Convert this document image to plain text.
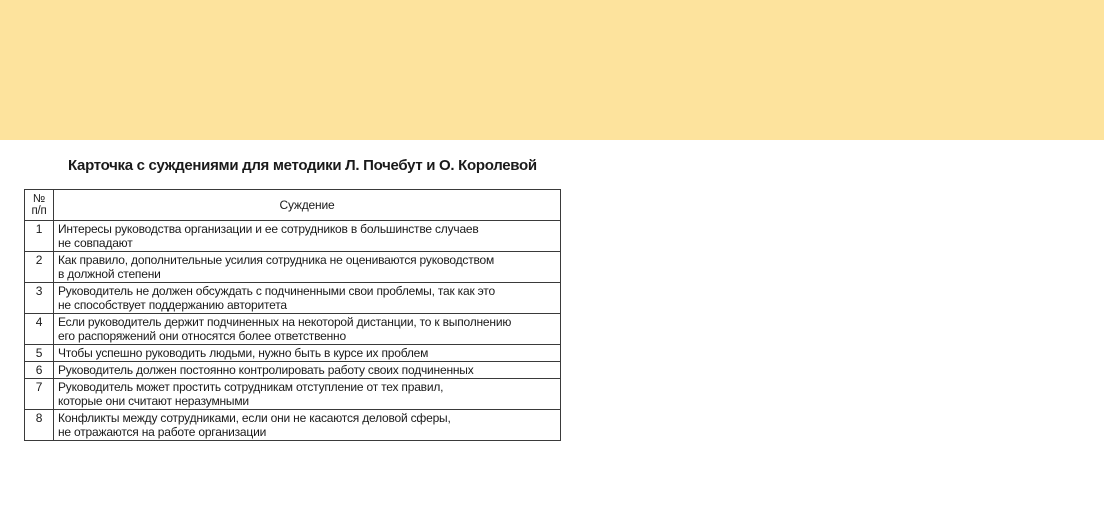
Карточка с суждениями для методики Л. Почебут и О. Королевой
№
п/п	Суждение
1	Интересы руководства организации и ее сотрудников в большинстве случаев
не совпадают
2	Как правило, дополнительные усилия сотрудника не оцениваются руководством
в должной степени
3	Руководитель не должен обсуждать с подчиненными свои проблемы, так как это
не способствует поддержанию авторитета
4	Если руководитель держит подчиненных на некоторой дистанции, то к выполнению
его распоряжений они относятся более ответственно
5	Чтобы успешно руководить людьми, нужно быть в курсе их проблем
6	Руководитель должен постоянно контролировать работу своих подчиненных
7	Руководитель может простить сотрудникам отступление от тех правил,
которые они считают неразумными
8	Конфликты между сотрудниками, если они не касаются деловой сферы,
не отражаются на работе организации
